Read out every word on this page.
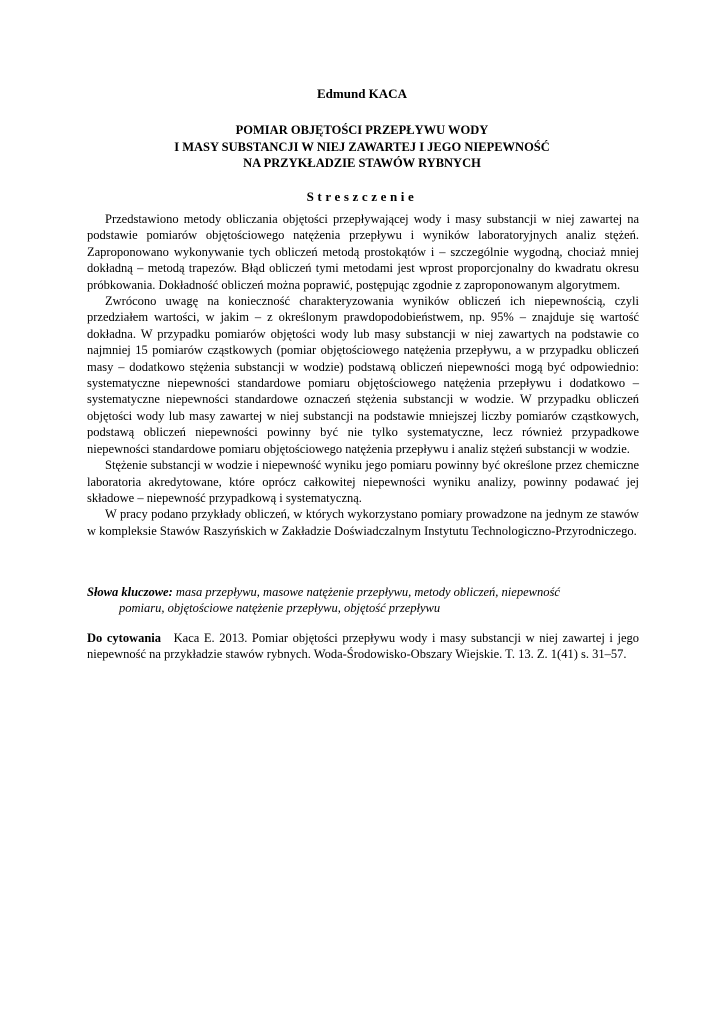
Edmund KACA
POMIAR OBJĘTOŚCI PRZEPŁYWU WODY
I MASY SUBSTANCJI W NIEJ ZAWARTEJ I JEGO NIEPEWNOŚĆ
NA PRZYKŁADZIE STAWÓW RYBNYCH
Streszczenie

Przedstawiono metody obliczania objętości przepływającej wody i masy substancji w niej zawartej na podstawie pomiarów objętościowego natężenia przepływu i wyników laboratoryjnych analiz stężeń. Zaproponowano wykonywanie tych obliczeń metodą prostokątów i – szczególnie wygodną, chociaż mniej dokładną – metodą trapezów. Błąd obliczeń tymi metodami jest wprost proporcjonalny do kwadratu okresu próbkowania. Dokładność obliczeń można poprawić, postępując zgodnie z zaproponowanym algorytmem.

Zwrócono uwagę na konieczność charakteryzowania wyników obliczeń ich niepewnością, czyli przedziałem wartości, w jakim – z określonym prawdopodobieństwem, np. 95% – znajduje się wartość dokładna. W przypadku pomiarów objętości wody lub masy substancji w niej zawartych na podstawie co najmniej 15 pomiarów cząstkowych (pomiar objętościowego natężenia przepływu, a w przypadku obliczeń masy – dodatkowo stężenia substancji w wodzie) podstawą obliczeń niepewności mogą być odpowiednio: systematyczne niepewności standardowe pomiaru objętościowego natężenia przepływu i dodatkowo – systematyczne niepewności standardowe oznaczeń stężenia substancji w wodzie. W przypadku obliczeń objętości wody lub masy zawartej w niej substancji na podstawie mniejszej liczby pomiarów cząstkowych, podstawą obliczeń niepewności powinny być nie tylko systematyczne, lecz również przypadkowe niepewności standardowe pomiaru objętościowego natężenia przepływu i analiz stężeń substancji w wodzie.

Stężenie substancji w wodzie i niepewność wyniku jego pomiaru powinny być określone przez chemiczne laboratoria akredytowane, które oprócz całkowitej niepewności wyniku analizy, powinny podawać jej składowe – niepewność przypadkową i systematyczną.

W pracy podano przykłady obliczeń, w których wykorzystano pomiary prowadzone na jednym ze stawów w kompleksie Stawów Raszyńskich w Zakładzie Doświadczalnym Instytutu Technologiczno-Przyrodniczego.

Słowa kluczowe: masa przepływu, masowe natężenie przepływu, metody obliczeń, niepewność
pomiaru, objętościowe natężenie przepływu, objętość przepływu
Do cytowania Kaca E. 2013. Pomiar objętości przepływu wody i masy substancji w niej zawartej i jego niepewność na przykładzie stawów rybnych. Woda-Środowisko-Obszary Wiejskie. T. 13. Z. 1(41) s. 31–57.
